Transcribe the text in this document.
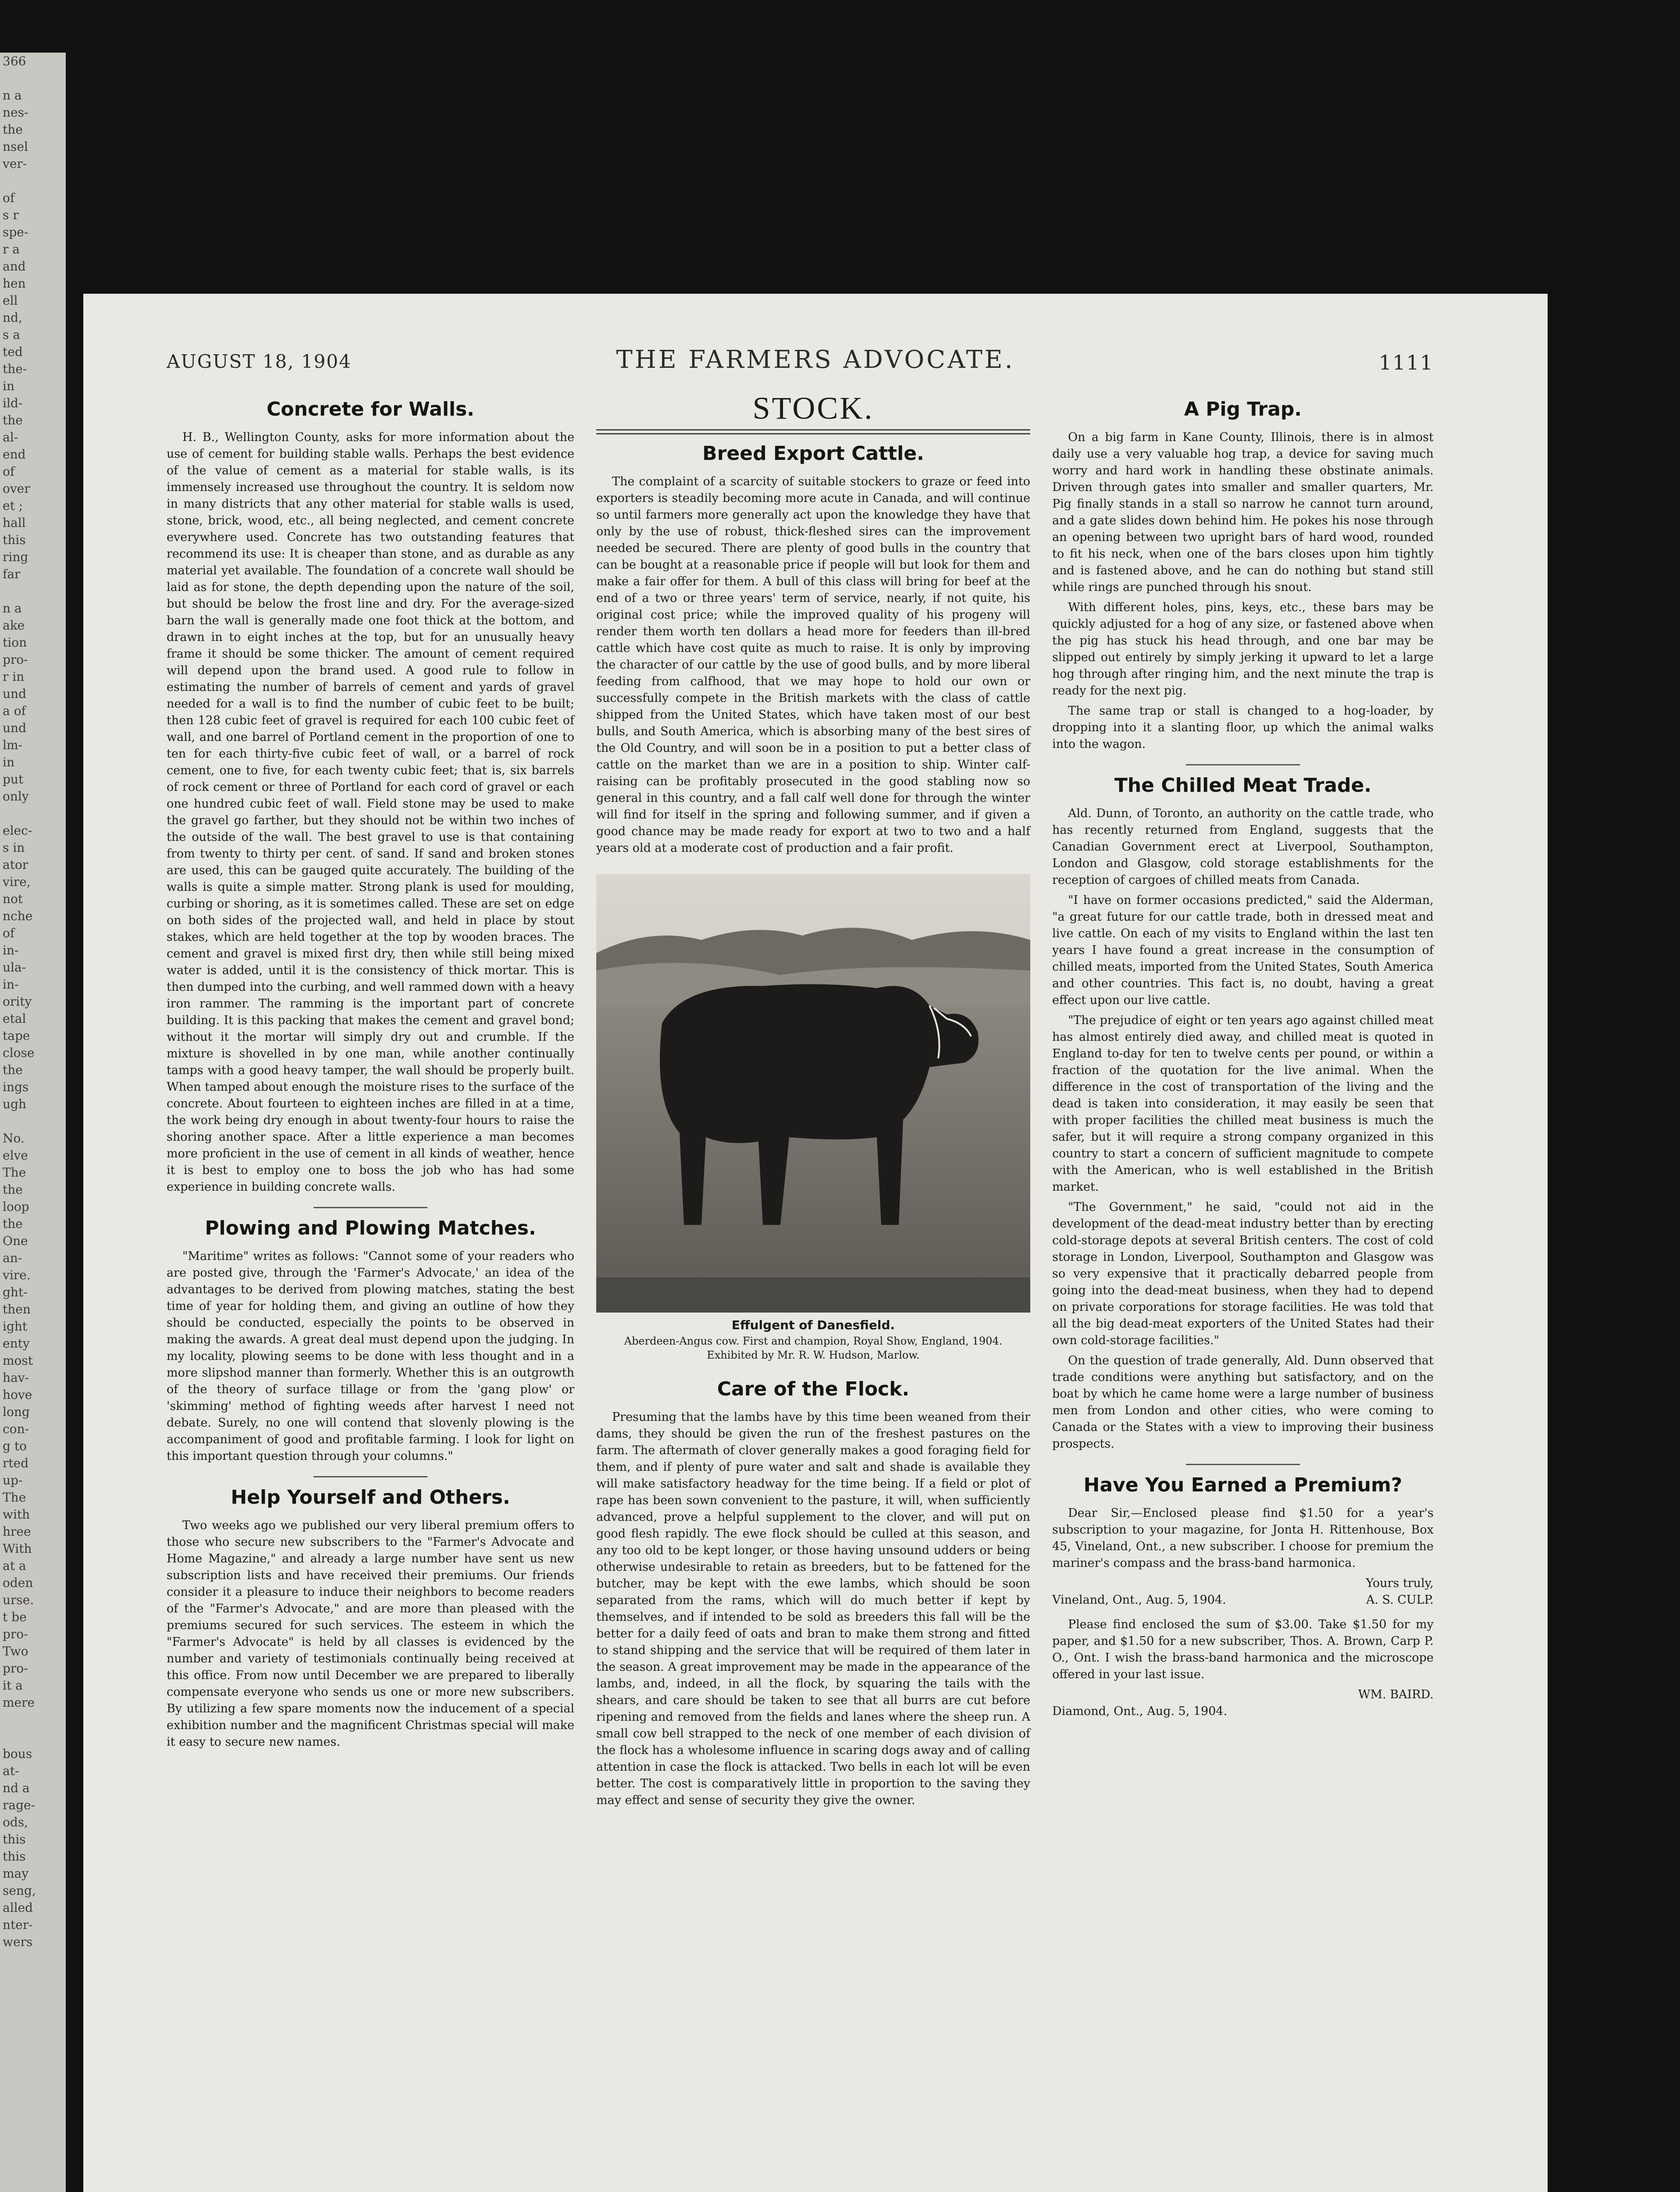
366

n a
nes-
the
nsel
ver-

of
s r
spe-
r a
and
hen
ell
nd,
s a
ted
the-
in
ild-
the
al-
end
of
over
et ;
hall
this
ring
far

n a
ake
tion
pro-
r in
und
a of
und
lm-
in
put
only

elec-
s in
ator
vire,
not
nche
of
in-
ula-
in-
ority
etal
tape
close
the
ings
ugh

No.
elve
The
the
loop
the
One
an-
vire.
ght-
then
ight
enty
most
hav-
hove
long
con-
g to
rted
up-
The
with
hree
With
at a
oden
urse.
t be
pro-
Two
pro-
it a
mere

bous
at-
nd a
rage-
ods,
this
this
may
seng,
alled
nter-
wers
AUGUST 18, 1904	THE FARMERS ADVOCATE.	1111
Concrete for Walls.

H. B., Wellington County, asks for more information about the use of cement for building stable walls. Perhaps the best evidence of the value of cement as a material for stable walls, is its immensely increased use throughout the country. It is seldom now in many districts that any other material for stable walls is used, stone, brick, wood, etc., all being neglected, and cement concrete everywhere used. Concrete has two outstanding features that recommend its use: It is cheaper than stone, and as durable as any material yet available. The foundation of a concrete wall should be laid as for stone, the depth depending upon the nature of the soil, but should be below the frost line and dry. For the average-sized barn the wall is generally made one foot thick at the bottom, and drawn in to eight inches at the top, but for an unusually heavy frame it should be some thicker. The amount of cement required will depend upon the brand used. A good rule to follow in estimating the number of barrels of cement and yards of gravel needed for a wall is to find the number of cubic feet to be built; then 128 cubic feet of gravel is required for each 100 cubic feet of wall, and one barrel of Portland cement in the proportion of one to ten for each thirty-five cubic feet of wall, or a barrel of rock cement, one to five, for each twenty cubic feet; that is, six barrels of rock cement or three of Portland for each cord of gravel or each one hundred cubic feet of wall. Field stone may be used to make the gravel go farther, but they should not be within two inches of the outside of the wall. The best gravel to use is that containing from twenty to thirty per cent. of sand. If sand and broken stones are used, this can be gauged quite accurately. The building of the walls is quite a simple matter. Strong plank is used for moulding, curbing or shoring, as it is sometimes called. These are set on edge on both sides of the projected wall, and held in place by stout stakes, which are held together at the top by wooden braces. The cement and gravel is mixed first dry, then while still being mixed water is added, until it is the consistency of thick mortar. This is then dumped into the curbing, and well rammed down with a heavy iron rammer. The ramming is the important part of concrete building. It is this packing that makes the cement and gravel bond; without it the mortar will simply dry out and crumble. If the mixture is shovelled in by one man, while another continually tamps with a good heavy tamper, the wall should be properly built. When tamped about enough the moisture rises to the surface of the concrete. About fourteen to eighteen inches are filled in at a time, the work being dry enough in about twenty-four hours to raise the shoring another space. After a little experience a man becomes more proficient in the use of cement in all kinds of weather, hence it is best to employ one to boss the job who has had some experience in building concrete walls.

Plowing and Plowing Matches.

"Maritime" writes as follows: "Cannot some of your readers who are posted give, through the 'Farmer's Advocate,' an idea of the advantages to be derived from plowing matches, stating the best time of year for holding them, and giving an outline of how they should be conducted, especially the points to be observed in making the awards. A great deal must depend upon the judging. In my locality, plowing seems to be done with less thought and in a more slipshod manner than formerly. Whether this is an outgrowth of the theory of surface tillage or from the 'gang plow' or 'skimming' method of fighting weeds after harvest I need not debate. Surely, no one will contend that slovenly plowing is the accompaniment of good and profitable farming. I look for light on this important question through your columns."

Help Yourself and Others.

Two weeks ago we published our very liberal premium offers to those who secure new subscribers to the "Farmer's Advocate and Home Magazine," and already a large number have sent us new subscription lists and have received their premiums. Our friends consider it a pleasure to induce their neighbors to become readers of the "Farmer's Advocate," and are more than pleased with the premiums secured for such services. The esteem in which the "Farmer's Advocate" is held by all classes is evidenced by the number and variety of testimonials continually being received at this office. From now until December we are prepared to liberally compensate everyone who sends us one or more new subscribers. By utilizing a few spare moments now the inducement of a special exhibition number and the magnificent Christmas special will make it easy to secure new names.

STOCK.
Breed Export Cattle.

The complaint of a scarcity of suitable stockers to graze or feed into exporters is steadily becoming more acute in Canada, and will continue so until farmers more generally act upon the knowledge they have that only by the use of robust, thick-fleshed sires can the improvement needed be secured. There are plenty of good bulls in the country that can be bought at a reasonable price if people will but look for them and make a fair offer for them. A bull of this class will bring for beef at the end of a two or three years' term of service, nearly, if not quite, his original cost price; while the improved quality of his progeny will render them worth ten dollars a head more for feeders than ill-bred cattle which have cost quite as much to raise. It is only by improving the character of our cattle by the use of good bulls, and by more liberal feeding from calfhood, that we may hope to hold our own or successfully compete in the British markets with the class of cattle shipped from the United States, which have taken most of our best bulls, and South America, which is absorbing many of the best sires of the Old Country, and will soon be in a position to put a better class of cattle on the market than we are in a position to ship. Winter calf-raising can be profitably prosecuted in the good stabling now so general in this country, and a fall calf well done for through the winter will find for itself in the spring and following summer, and if given a good chance may be made ready for export at two to two and a half years old at a moderate cost of production and a fair profit.

Effulgent of Danesfield.

Aberdeen-Angus cow. First and champion, Royal Show, England, 1904.

Exhibited by Mr. R. W. Hudson, Marlow.

Care of the Flock.

Presuming that the lambs have by this time been weaned from their dams, they should be given the run of the freshest pastures on the farm. The aftermath of clover generally makes a good foraging field for them, and if plenty of pure water and salt and shade is available they will make satisfactory headway for the time being. If a field or plot of rape has been sown convenient to the pasture, it will, when sufficiently advanced, prove a helpful supplement to the clover, and will put on good flesh rapidly. The ewe flock should be culled at this season, and any too old to be kept longer, or those having unsound udders or being otherwise undesirable to retain as breeders, but to be fattened for the butcher, may be kept with the ewe lambs, which should be soon separated from the rams, which will do much better if kept by themselves, and if intended to be sold as breeders this fall will be the better for a daily feed of oats and bran to make them strong and fitted to stand shipping and the service that will be required of them later in the season. A great improvement may be made in the appearance of the lambs, and, indeed, in all the flock, by squaring the tails with the shears, and care should be taken to see that all burrs are cut before ripening and removed from the fields and lanes where the sheep run. A small cow bell strapped to the neck of one member of each division of the flock has a wholesome influence in scaring dogs away and of calling attention in case the flock is attacked. Two bells in each lot will be even better. The cost is comparatively little in proportion to the saving they may effect and sense of security they give the owner.

A Pig Trap.

On a big farm in Kane County, Illinois, there is in almost daily use a very valuable hog trap, a device for saving much worry and hard work in handling these obstinate animals. Driven through gates into smaller and smaller quarters, Mr. Pig finally stands in a stall so narrow he cannot turn around, and a gate slides down behind him. He pokes his nose through an opening between two upright bars of hard wood, rounded to fit his neck, when one of the bars closes upon him tightly and is fastened above, and he can do nothing but stand still while rings are punched through his snout.

With different holes, pins, keys, etc., these bars may be quickly adjusted for a hog of any size, or fastened above when the pig has stuck his head through, and one bar may be slipped out entirely by simply jerking it upward to let a large hog through after ringing him, and the next minute the trap is ready for the next pig.

The same trap or stall is changed to a hog-loader, by dropping into it a slanting floor, up which the animal walks into the wagon.

The Chilled Meat Trade.

Ald. Dunn, of Toronto, an authority on the cattle trade, who has recently returned from England, suggests that the Canadian Government erect at Liverpool, Southampton, London and Glasgow, cold storage establishments for the reception of cargoes of chilled meats from Canada.

"I have on former occasions predicted," said the Alderman, "a great future for our cattle trade, both in dressed meat and live cattle. On each of my visits to England within the last ten years I have found a great increase in the consumption of chilled meats, imported from the United States, South America and other countries. This fact is, no doubt, having a great effect upon our live cattle.

"The prejudice of eight or ten years ago against chilled meat has almost entirely died away, and chilled meat is quoted in England to-day for ten to twelve cents per pound, or within a fraction of the quotation for the live animal. When the difference in the cost of transportation of the living and the dead is taken into consideration, it may easily be seen that with proper facilities the chilled meat business is much the safer, but it will require a strong company organized in this country to start a concern of sufficient magnitude to compete with the American, who is well established in the British market.

"The Government," he said, "could not aid in the development of the dead-meat industry better than by erecting cold-storage depots at several British centers. The cost of cold storage in London, Liverpool, Southampton and Glasgow was so very expensive that it practically debarred people from going into the dead-meat business, when they had to depend on private corporations for storage facilities. He was told that all the big dead-meat exporters of the United States had their own cold-storage facilities."

On the question of trade generally, Ald. Dunn observed that trade conditions were anything but satisfactory, and on the boat by which he came home were a large number of business men from London and other cities, who were coming to Canada or the States with a view to improving their business prospects.

Have You Earned a Premium?

Dear Sir,—Enclosed please find $1.50 for a year's subscription to your magazine, for Jonta H. Rittenhouse, Box 45, Vineland, Ont., a new subscriber. I choose for premium the mariner's compass and the brass-band harmonica.

Yours truly,

Vineland, Ont., Aug. 5, 1904.	A. S. CULP.

Please find enclosed the sum of $3.00. Take $1.50 for my paper, and $1.50 for a new subscriber, Thos. A. Brown, Carp P. O., Ont. I wish the brass-band harmonica and the microscope offered in your last issue.

WM. BAIRD.

Diamond, Ont., Aug. 5, 1904.
